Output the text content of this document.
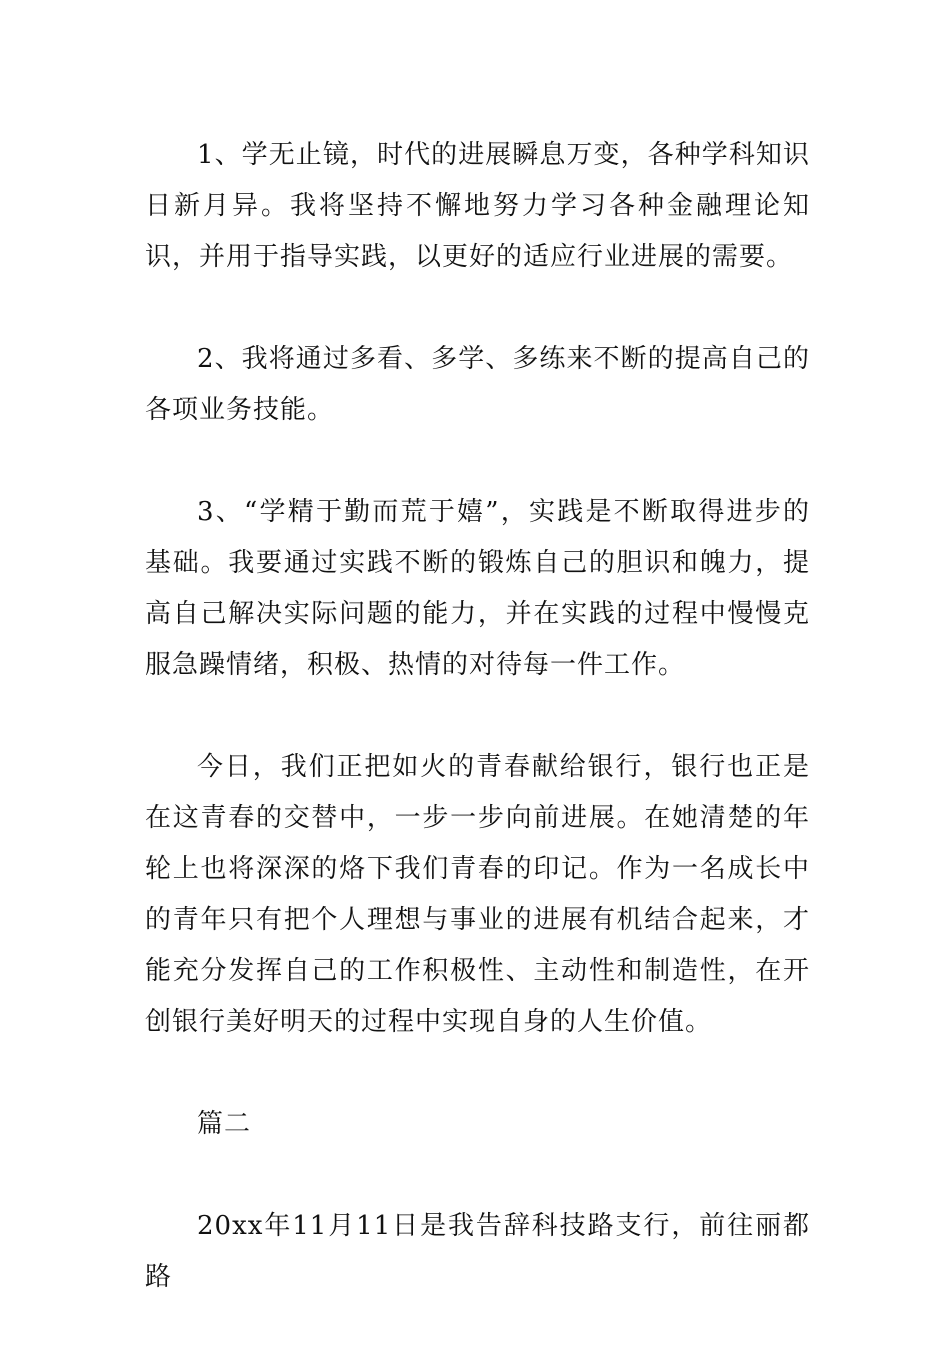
1、学无止镜，时代的进展瞬息万变，各种学科知识日新月异。我将坚持不懈地努力学习各种金融理论知识，并用于指导实践，以更好的适应行业进展的需要。

2、我将通过多看、多学、多练来不断的提高自己的各项业务技能。

3、“学精于勤而荒于嬉”，实践是不断取得进步的基础。我要通过实践不断的锻炼自己的胆识和魄力，提高自己解决实际问题的能力，并在实践的过程中慢慢克服急躁情绪，积极、热情的对待每一件工作。

今日，我们正把如火的青春献给银行，银行也正是在这青春的交替中，一步一步向前进展。在她清楚的年轮上也将深深的烙下我们青春的印记。作为一名成长中的青年只有把个人理想与事业的进展有机结合起来，才能充分发挥自己的工作积极性、主动性和制造性，在开创银行美好明天的过程中实现自身的人生价值。

篇二

20xx年11月11日是我告辞科技路支行，前往丽都路
